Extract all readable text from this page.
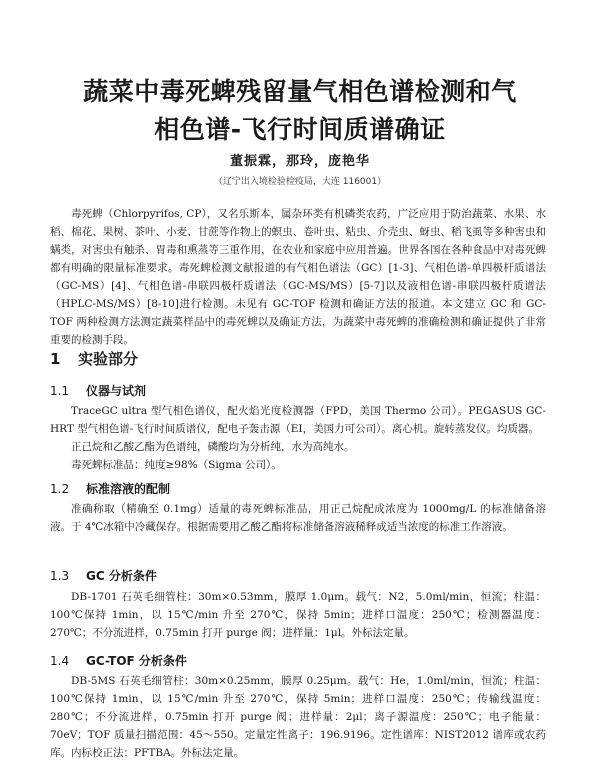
蔬菜中毒死蜱残留量气相色谱检测和气
相色谱-飞行时间质谱确证
董振霖，那玲，庞艳华
（辽宁出入境检验检疫局，大连 116001）

毒死蜱（Chlorpyrifos, CP），又名乐斯本，属杂环类有机磷类农药，广泛应用于防治蔬菜、水果、水稻、棉花、果树、茶叶、小麦、甘蔗等作物上的螟虫、卷叶虫、粘虫、介壳虫、蚜虫、稻飞虱等多种害虫和螨类，对害虫有触杀、胃毒和熏蒸等三重作用，在农业和家庭中应用普遍。世界各国在各种食品中对毒死蜱都有明确的限量标准要求。毒死蜱检测文献报道的有气相色谱法（GC）[1-3]、气相色谱-单四极杆质谱法（GC-MS）[4]、气相色谱-串联四极杆质谱法（GC-MS/MS）[5-7]以及液相色谱-串联四极杆质谱法（HPLC-MS/MS）[8-10]进行检测。未见有 GC-TOF 检测和确证方法的报道。本文建立 GC 和 GC-TOF 两种检测方法测定蔬菜样品中的毒死蜱以及确证方法，为蔬菜中毒死蜱的准确检测和确证提供了非常重要的检测手段。

1 实验部分
1.1 仪器与试剂

TraceGC ultra 型气相色谱仪，配火焰光度检测器（FPD，美国 Thermo 公司）。PEGASUS GC-HRT 型气相色谱-飞行时间质谱仪，配电子轰击源（EI，美国力可公司）。离心机。旋转蒸发仪。均质器。

正己烷和乙酸乙酯为色谱纯，磷酸均为分析纯，水为高纯水。

毒死蜱标准品：纯度≥98%（Sigma 公司）。

1.2 标准溶液的配制

准确称取（精确至 0.1mg）适量的毒死蜱标准品，用正己烷配成浓度为 1000mg/L 的标准储备溶液。于 4℃冰箱中冷藏保存。根据需要用乙酸乙酯将标准储备溶液稀释成适当浓度的标准工作溶液。

1.3 GC 分析条件

DB-1701 石英毛细管柱：30m×0.53mm，膜厚 1.0μm。载气：N2，5.0ml/min，恒流；柱温：100℃保持 1min，以 15℃/min 升至 270℃，保持 5min；进样口温度：250℃；检测器温度：270℃；不分流进样，0.75min 打开 purge 阀；进样量：1μl。外标法定量。

1.4 GC-TOF 分析条件

DB-5MS 石英毛细管柱：30m×0.25mm，膜厚 0.25μm。载气：He，1.0ml/min，恒流；柱温：100℃保持 1min，以 15℃/min 升至 270℃，保持 5min；进样口温度：250℃；传输线温度：280℃；不分流进样，0.75min 打开 purge 阀；进样量：2μl；离子源温度：250℃；电子能量：70eV；TOF 质量扫描范围：45～550。定量定性离子：196.9196。定性谱库：NIST2012 谱库或农药库。内标校正法：PFTBA。外标法定量。
